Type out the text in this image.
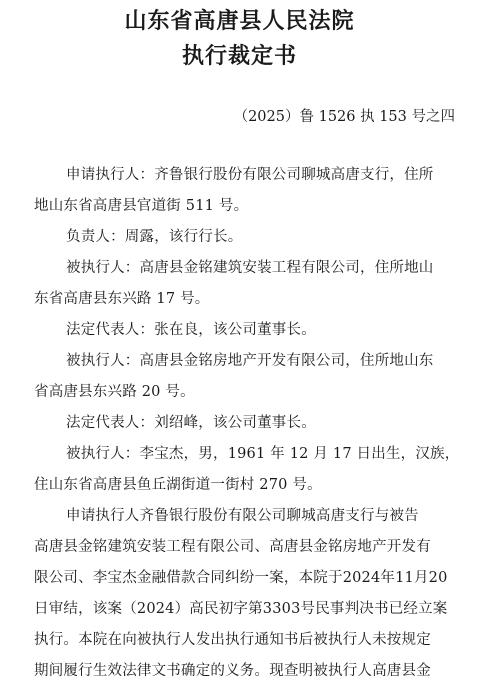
山东省高唐县人民法院
执行裁定书
（2025）鲁 1526 执 153 号之四
申请执行人：齐鲁银行股份有限公司聊城高唐支行，住所
地山东省高唐县官道街 511 号。
负责人：周露，该行行长。
被执行人：高唐县金铭建筑安装工程有限公司，住所地山
东省高唐县东兴路 17 号。
法定代表人：张在良，该公司董事长。
被执行人：高唐县金铭房地产开发有限公司，住所地山东
省高唐县东兴路 20 号。
法定代表人：刘绍峰，该公司董事长。
被执行人：李宝杰，男，1961 年 12 月 17 日出生，汉族，
住山东省高唐县鱼丘湖街道一街村 270 号。
申请执行人齐鲁银行股份有限公司聊城高唐支行与被告
高唐县金铭建筑安装工程有限公司、高唐县金铭房地产开发有
限公司、李宝杰金融借款合同纠纷一案，本院于2024年11月20
日审结，该案（2024）高民初字第3303号民事判决书已经立案
执行。本院在向被执行人发出执行通知书后被执行人未按规定
期间履行生效法律文书确定的义务。现查明被执行人高唐县金
